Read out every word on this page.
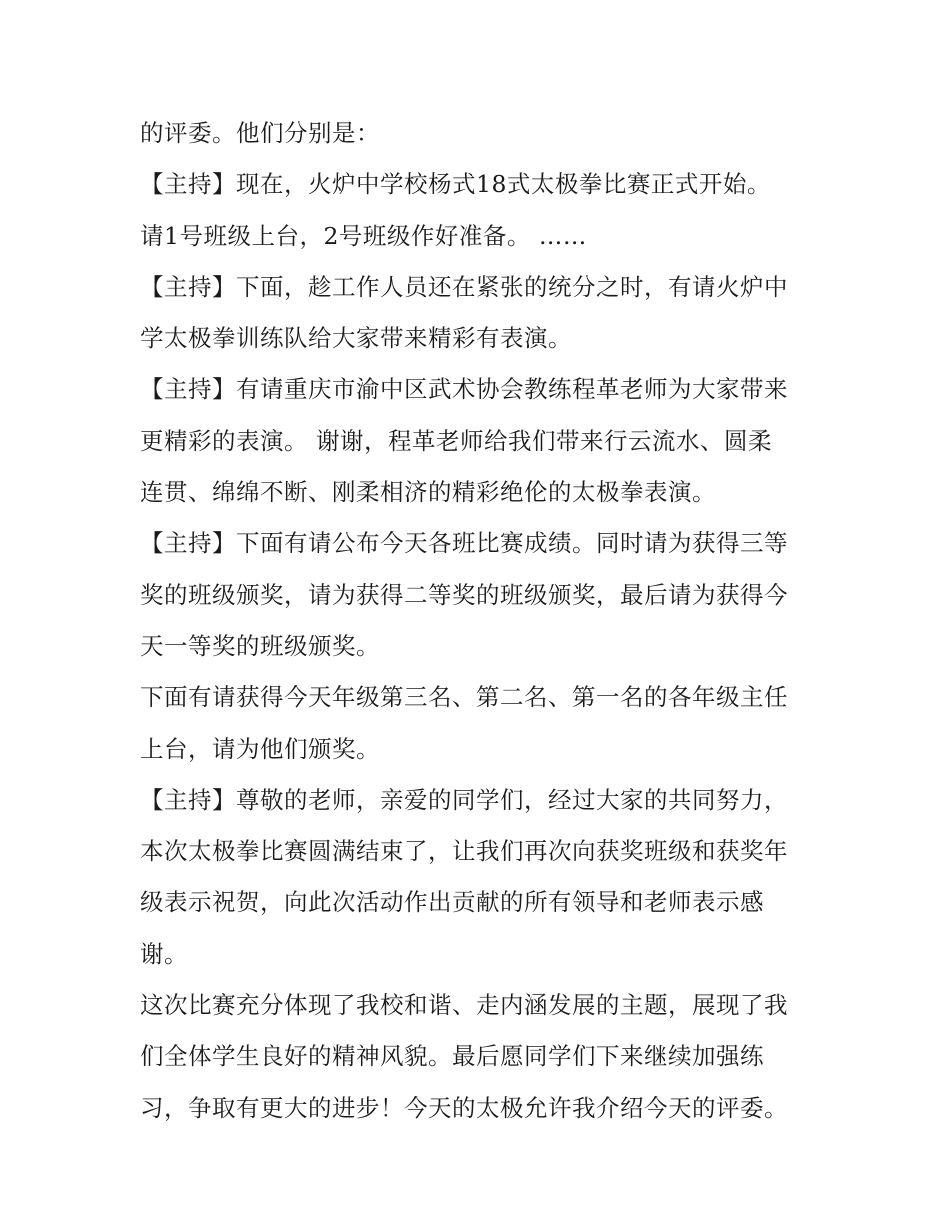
的评委。他们分别是：
【主持】现在，火炉中学校杨式18式太极拳比赛正式开始。
请1号班级上台，2号班级作好准备。 ……
【主持】下面，趁工作人员还在紧张的统分之时，有请火炉中
学太极拳训练队给大家带来精彩有表演。
【主持】有请重庆市渝中区武术协会教练程革老师为大家带来
更精彩的表演。 谢谢，程革老师给我们带来行云流水、圆柔
连贯、绵绵不断、刚柔相济的精彩绝伦的太极拳表演。
【主持】下面有请公布今天各班比赛成绩。同时请为获得三等
奖的班级颁奖，请为获得二等奖的班级颁奖，最后请为获得今
天一等奖的班级颁奖。
下面有请获得今天年级第三名、第二名、第一名的各年级主任
上台，请为他们颁奖。
【主持】尊敬的老师，亲爱的同学们，经过大家的共同努力，
本次太极拳比赛圆满结束了，让我们再次向获奖班级和获奖年
级表示祝贺，向此次活动作出贡献的所有领导和老师表示感
谢。
这次比赛充分体现了我校和谐、走内涵发展的主题，展现了我
们全体学生良好的精神风貌。最后愿同学们下来继续加强练
习，争取有更大的进步！今天的太极允许我介绍今天的评委。
